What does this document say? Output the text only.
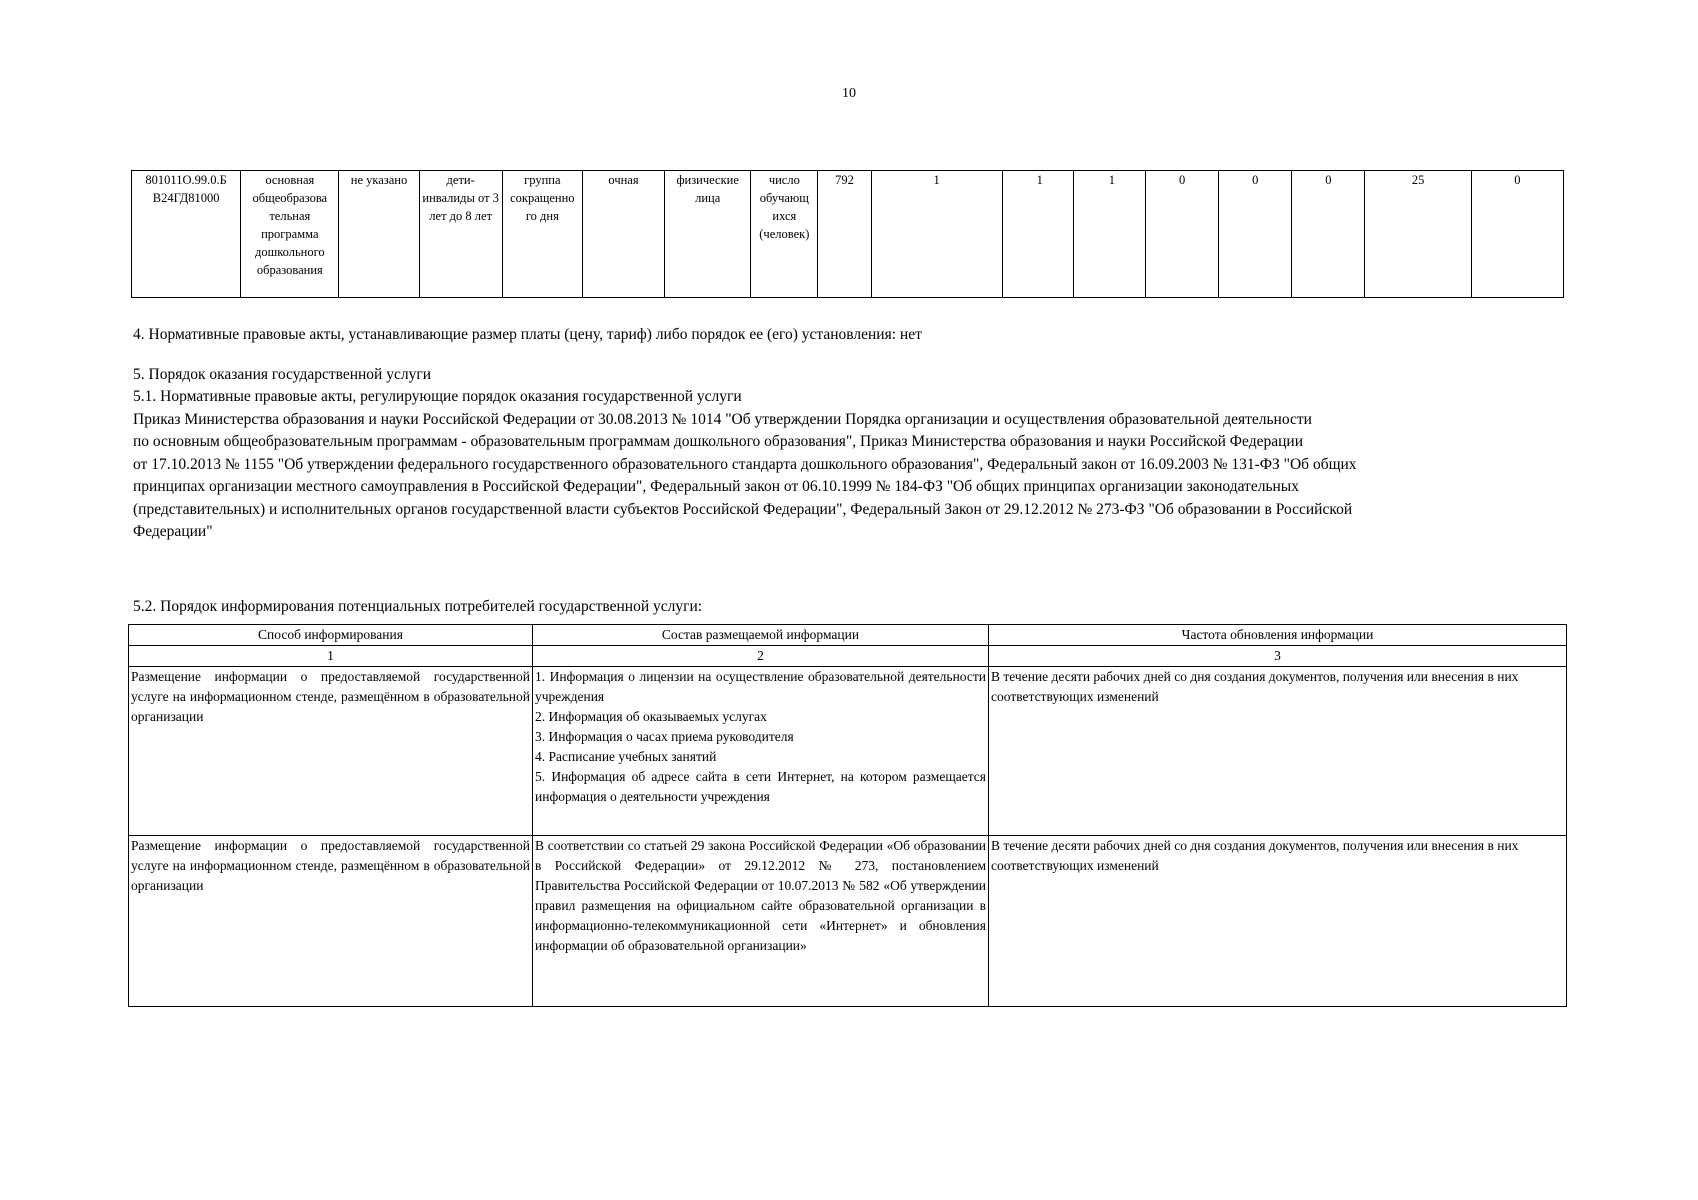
10
801011О.99.0.Б В24ГД81000	основная общеобразова тельная программа дошкольного образования	не указано	дети-инвалиды от 3 лет до 8 лет	группа сокращенно го дня	очная	физические лица	число обучающ ихся (человек)	792	1	1	1	0	0	0	25	0
4. Нормативные правовые акты, устанавливающие размер платы (цену, тариф) либо порядок ее (его) установления: нет
5. Порядок оказания государственной услуги
5.1. Нормативные правовые акты, регулирующие порядок оказания государственной услуги
Приказ Министерства образования и науки Российской Федерации от 30.08.2013 № 1014 "Об утверждении Порядка организации и осуществления образовательной деятельности
по основным общеобразовательным программам - образовательным программам дошкольного образования", Приказ Министерства образования и науки Российской Федерации
от 17.10.2013 № 1155 "Об утверждении федерального государственного образовательного стандарта дошкольного образования", Федеральный закон от 16.09.2003 № 131-ФЗ "Об общих
принципах организации местного самоуправления в Российской Федерации", Федеральный закон от 06.10.1999 № 184-ФЗ "Об общих принципах организации законодательных
(представительных) и исполнительных органов государственной власти субъектов Российской Федерации", Федеральный Закон от 29.12.2012 № 273-ФЗ "Об образовании в Российской
Федерации"
5.2. Порядок информирования потенциальных потребителей государственной услуги:
Способ информирования	Состав размещаемой информации	Частота обновления информации
1	2	3
Размещение информации о предоставляемой государственной услуге на информационном стенде, размещённом в образовательной организации	1. Информация о лицензии на осуществление образовательной деятельности учреждения
2. Информация об оказываемых услугах
3. Информация о часах приема руководителя
4. Расписание учебных занятий
5. Информация об адресе сайта в сети Интернет, на котором размещается информация о деятельности учреждения	В течение десяти рабочих дней со дня создания документов, получения или внесения в них соответствующих изменений
Размещение информации о предоставляемой государственной услуге на информационном стенде, размещённом в образовательной организации	В соответствии со статьей 29 закона Российской Федерации «Об образовании в Российской Федерации» от 29.12.2012 № 273, постановлением Правительства Российской Федерации от 10.07.2013 № 582 «Об утверждении правил размещения на официальном сайте образовательной организации в информационно-телекоммуникационной сети «Интернет» и обновления информации об образовательной организации»	В течение десяти рабочих дней со дня создания документов, получения или внесения в них соответствующих изменений
